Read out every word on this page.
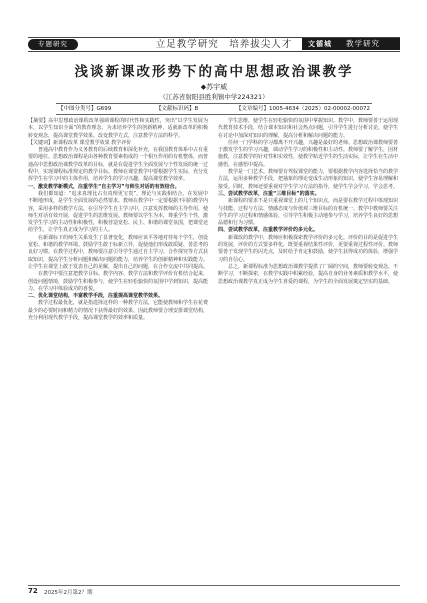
专题研究	立足教学研究　培养拔尖人才	文循城 教学研究
浅谈新课改形势下的高中思想政治课教学
◆苏宇威
（江苏省射阳县胜利镇中学224321）
【中图分类号】G699	【文献标识码】B	【文章编号】1005-4634（2025）02-00002-00072

【摘要】高中思想政治课程改革强调课程的时代性和实践性，突出“以学生发展为本，以学生知识全面”的教育理念，为求培养学生的创新精神，适就新改革的积极转变观念，提高课堂教学效果。改变教学方式，注意教学方法的科学。

【关键词】新课程改革 课堂教学效果 教学评价

普通高中教育作为义务教育的后续教育和深化补充，在我国教育体系中占有重要的地位。思想政治课程是由各种教育要素构成的一个相互作用的有机整体，而普通高中思想政治课教学改革的目标，就是在促进学生全面发展与个性发展的统一过程中，实现课程标准规定的教学目标。教师在课堂教学中要根据学生实际，充分发挥学生在学习中的主体作用，培养学生的学习兴趣，提高课堂教学效率。

一、激发教学新模式，注重学生“自主学习”与师生对话的有效结合。

我们都知道：“追求真理比占有真理更宝贵”，理论与实践相结合，在发展中不断地形成，是学生全面发展的必然要求。教师在教学中一定要根据不同的教学内容，采用多样的教学方法，在引导学生自主学习中，注意发挥教师的主导作用，使师生对话有效开展，促进学生的思维发展。教师要以学生为本，尊重学生个性，激发学生学习的主动性和积极性，积极营造宽松、民主、和谐的课堂氛围，把课堂还给学生，让学生真正成为学习的主人。

在新课标下的师生关系发生了显著变化，教师应该平等地对待每个学生，创设宽松、和谐的教学环境。鼓励学生敢于标新立异，促使他们形成敢质疑、善思考的良好习惯。在教学过程中，教师要注意引导学生通过自主学习、合作探究等方式获取知识，提高学生分析问题和解决问题的能力，培养学生的创新精神和实践能力。让学生在课堂上敢于发表自己的见解，提出自己的问题，在合作交流中共同提高。

在教学中要注意把教学目标、教学内容、教学方法和教学评价有机结合起来，创设问题情境，鼓励学生积极参与，使学生在轻松愉快的氛围中学到知识，提高能力，在学习中体验成功的喜悦。

二、优化课堂结构，丰富教学手段，注重提高课堂教学效果。

教学过程最优化，就是指选择这样的一种教学方法，它能使教师和学生在花费最少的必要时间和精力的情况下获得最好的效果。因此教师要合理安排课堂结构，充分利用现代教学手段，提高课堂教学的效率和质量。

学生思维，使学生在轻松愉快的氛围中掌握知识。教学中，教师要善于运用现代教育技术手段，结合课本知识和社会热点问题，引导学生进行分析讨论，使学生在讨论中加深对知识的理解，提高分析和解决问题的能力。

任何一门学科的学习都离不开兴趣，兴趣是最好的老师。思想政治课教师要善于激发学生的学习兴趣，调动学生学习的积极性和主动性。教师要了解学生，因材施教，注意教学的针对性和实效性，使教学贴近学生的生活实际，让学生在生活中感悟，在感悟中提高。

教学是一门艺术。教师要有驾驭课堂的能力，要根据教学内容选择恰当的教学方法，运用多种教学手段，把抽象的理论变成生动形象的知识，使学生容易理解和接受。同时，教师还要重视对学生学习方法的指导，使学生学会学习，学会思考。

三、尝试教学改革，注重“三维目标”的落实。

新课程的要求不是只重视课堂上的几个知识点，而是要在教学过程中体现知识与技能、过程与方法、情感态度与价值观三维目标的有机统一。教学中教师要关注学生的学习过程和情感体验，引导学生积极主动地参与学习，培养学生良好的思想品德和行为习惯。

四、尝试教学改革，注重教学评价的多元化。

新课改的教学中，教师应积极探索教学评价的多元化。评价的目的是促进学生的发展，评价的方式要多样化，既要重视结果性评价，更要重视过程性评价。教师要善于发现学生的闪光点，及时给予肯定和鼓励，使学生获得成功的体验，增强学习的自信心。

总之，新课程标准为思想政治课教学提供了广阔的空间，教师要转变观念，不断学习，不断探索，在教学实践中积累经验，提高自身的业务素质和教学水平，使思想政治课教学真正成为学生喜爱的课程，为学生的全面发展奠定坚实的基础。

72 2025年2月第2？期
